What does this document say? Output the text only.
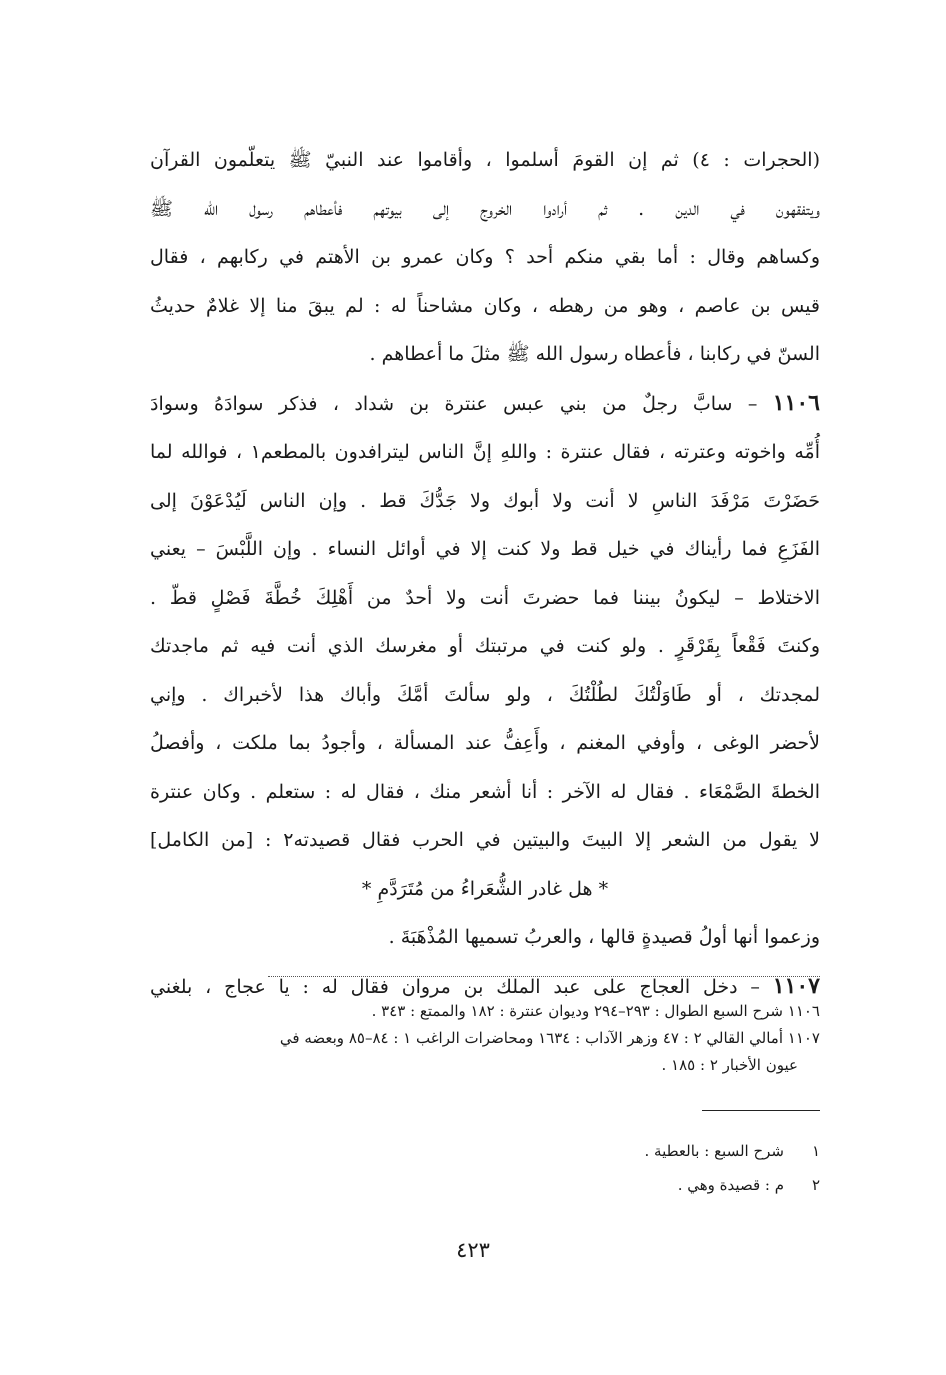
(الحجرات : ٤) ثم إن القومَ أسلموا ، وأقاموا عند النبيّ ﷺ يتعلّمون القرآن
ويتفقهون في الدين . ثم أرادوا الخروج إلى بيوتهم فأعطاهم رسول الله ﷺ
وكساهم وقال : أما بقي منكم أحد ؟ وكان عمرو بن الأهتم في ركابهم ، فقال
قيس بن عاصم ، وهو من رهطه ، وكان مشاحناً له : لم يبقَ منا إلا غلامٌ حديثُ
السنّ في ركابنا ، فأعطاه رسول الله ﷺ مثلَ ما أعطاهم .
١١٠٦ – سابَّ رجلٌ من بني عبس عنترة بن شداد ، فذكر سوادَهُ وسوادَ
أُمِّه واخوته وعترته ، فقال عنترة : واللهِ إنَّ الناس ليترافدون بالمطعم١ ، فوالله لما
حَضَرْتَ مَرْفَدَ الناسِ لا أنت ولا أبوك ولا جَدُّكَ قط . وإن الناس لَيُدْعَوْنَ إلى
الفَزَعِ فما رأيناك في خيل قط ولا كنت إلا في أوائل النساء . وإن اللَّبْسَ – يعني
الاختلاط – ليكونُ بيننا فما حضرتَ أنت ولا أحدٌ من أَهْلِكَ خُطَّةَ فَصْلٍ قطّ .
وكنتَ فَقْعاً بِقَرْقَرٍ . ولو كنت في مرتبتك أو مغرسك الذي أنت فيه ثم ماجدتك
لمجدتك ، أو طَاوَلْتُكَ لطُلْتُكَ ، ولو سألتَ أمَّكَ وأباك هذا لأخبراك . وإني
لأحضر الوغى ، وأوفي المغنم ، وأَعِفُّ عند المسألة ، وأجودُ بما ملكت ، وأفصلُ
الخطةَ الصَّمْعَاء . فقال له الآخر : أنا أشعر منك ، فقال له : ستعلم . وكان عنترة
لا يقول من الشعر إلا البيتَ والبيتين في الحرب فقال قصيدته٢ : [من الكامل]
* هل غادر الشُّعَراءُ من مُتَرَدَّمِ *
وزعموا أنها أولُ قصيدةٍ قالها ، والعربُ تسميها المُذْهَبَةَ .
١١٠٧ – دخل العجاج على عبد الملك بن مروان فقال له : يا عجاج ، بلغني
١١٠٦ شرح السبع الطوال : ٢٩٣–٢٩٤ وديوان عنترة : ١٨٢ والممتع : ٣٤٣ .
١١٠٧ أمالي القالي ٢ : ٤٧ وزهر الآداب : ١٦٣٤ ومحاضرات الراغب ١ : ٨٤–٨٥ وبعضه في
عيون الأخبار ٢ : ١٨٥ .
١شرح السبع : بالعطية .
٢م : قصيدة وهي .
٤٢٣
